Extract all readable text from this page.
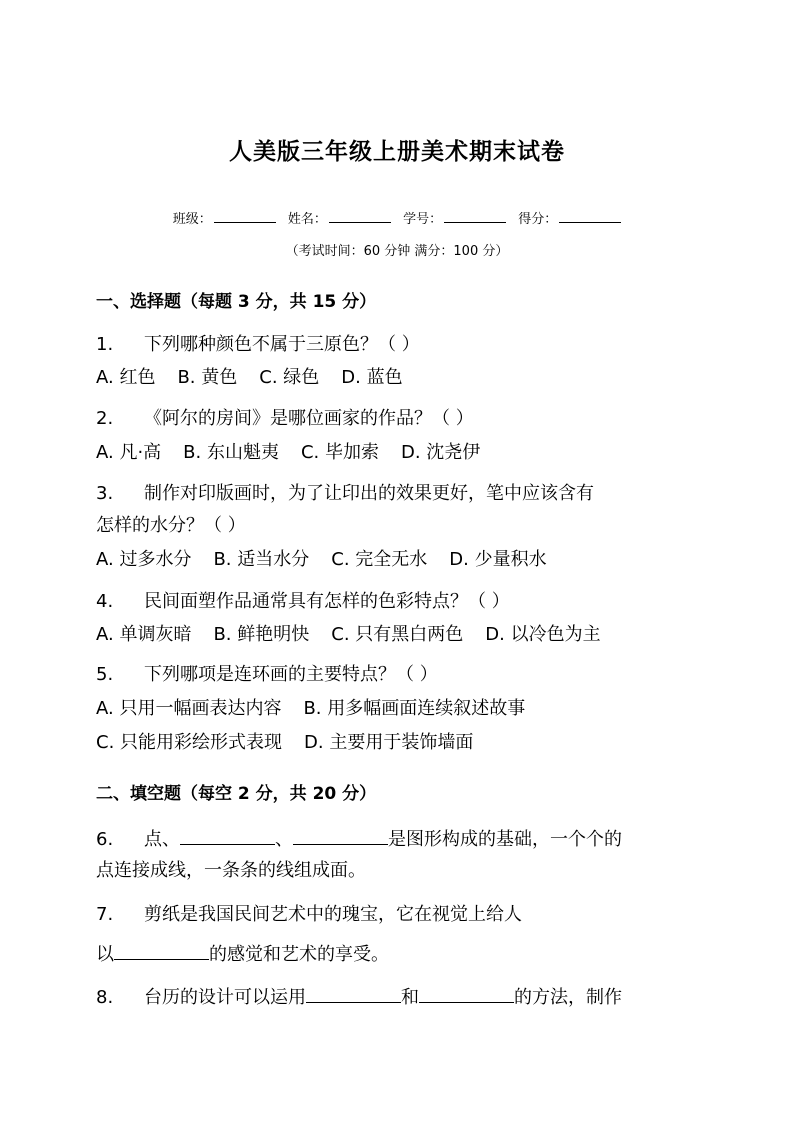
人美版三年级上册美术期末试卷
班级：	姓名：	学号：	得分：
（考试时间：60 分钟 满分：100 分）
一、选择题（每题 3 分，共 15 分）
1. 下列哪种颜色不属于三原色？（ ）
A. 红色 B. 黄色 C. 绿色 D. 蓝色
2. 《阿尔的房间》是哪位画家的作品？（ ）
A. 凡·高 B. 东山魁夷 C. 毕加索 D. 沈尧伊
3. 制作对印版画时，为了让印出的效果更好，笔中应该含有
怎样的水分？（ ）
A. 过多水分 B. 适当水分 C. 完全无水 D. 少量积水
4. 民间面塑作品通常具有怎样的色彩特点？（ ）
A. 单调灰暗 B. 鲜艳明快 C. 只有黑白两色 D. 以冷色为主
5. 下列哪项是连环画的主要特点？（ ）
A. 只用一幅画表达内容 B. 用多幅画面连续叙述故事
C. 只能用彩绘形式表现 D. 主要用于装饰墙面
二、填空题（每空 2 分，共 20 分）
6. 点、	、	是图形构成的基础，一个个的
点连接成线，一条条的线组成面。
7. 剪纸是我国民间艺术中的瑰宝，它在视觉上给人
以	的感觉和艺术的享受。
8. 台历的设计可以运用	和	的方法，制作
